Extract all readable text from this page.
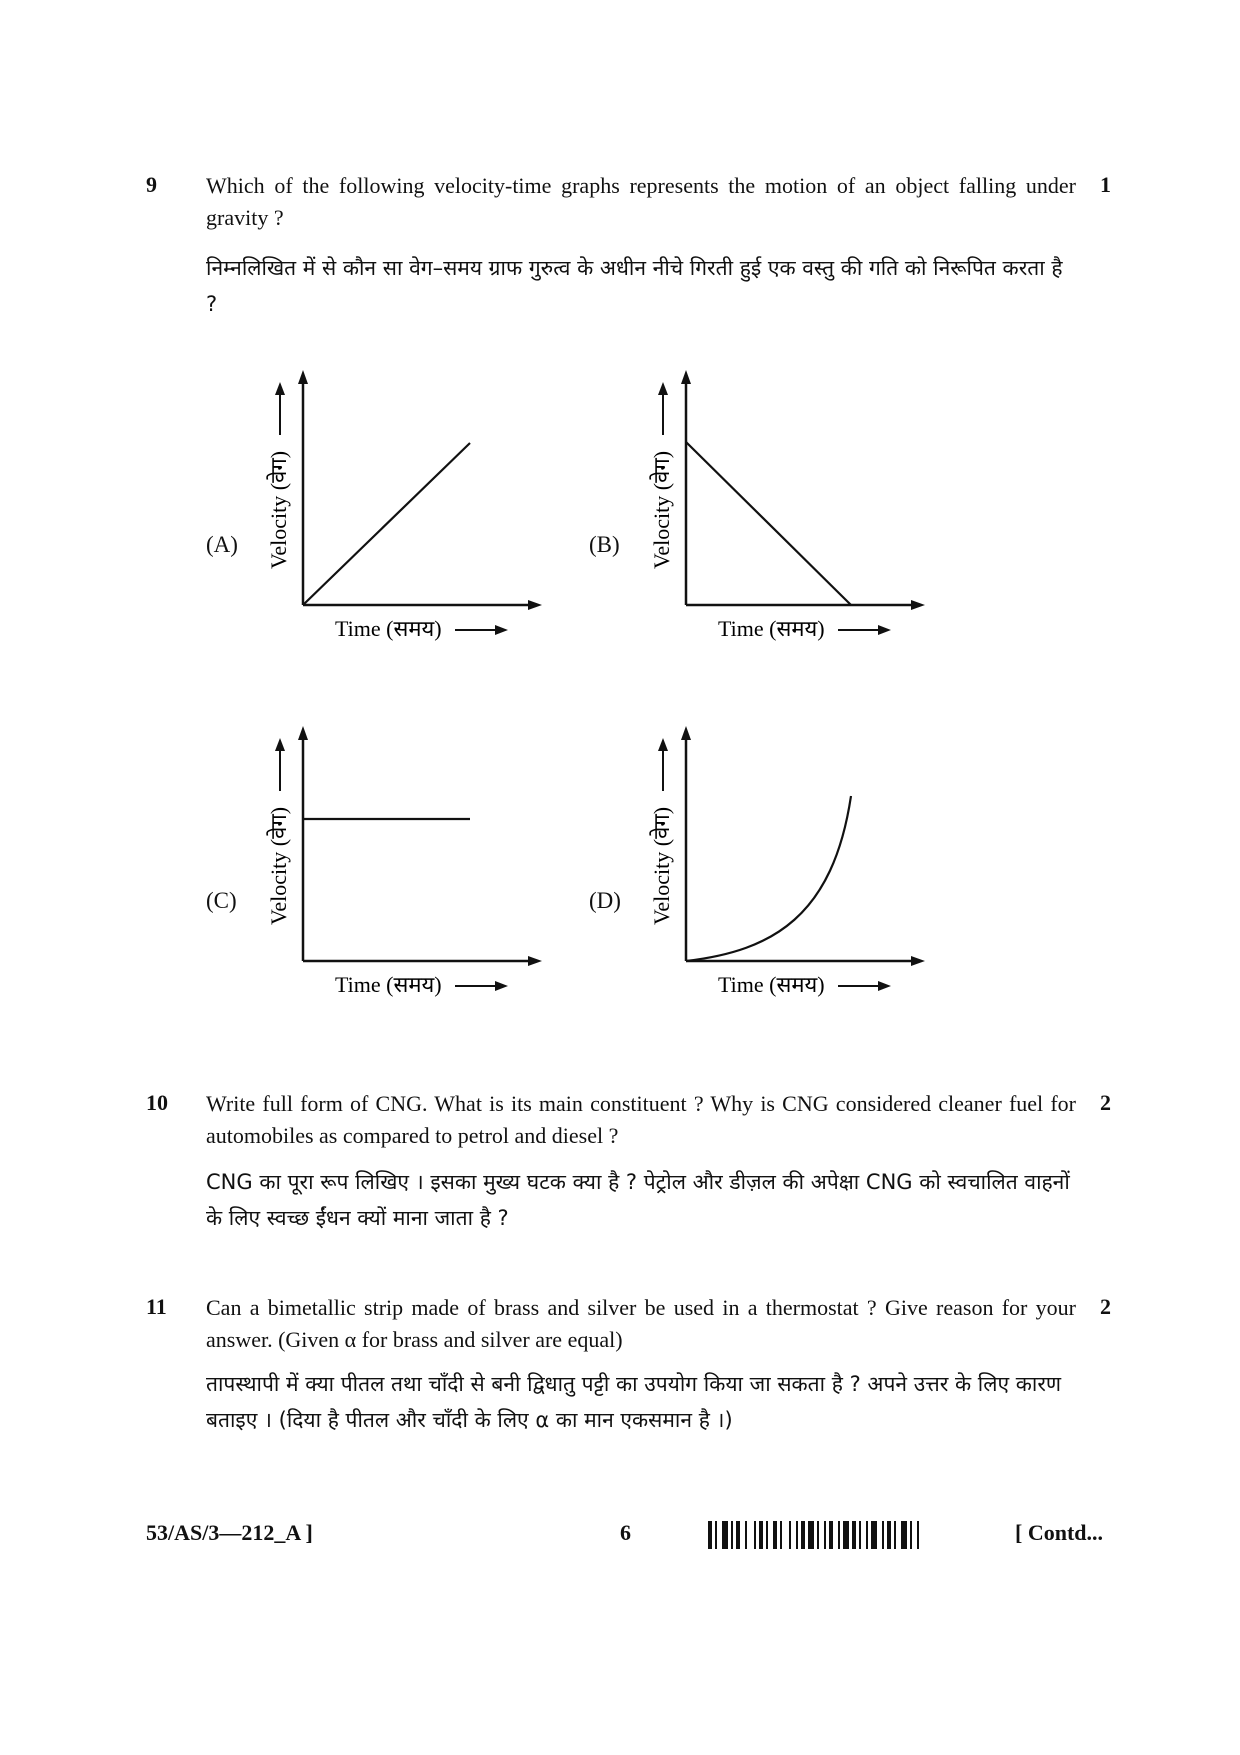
9 Which of the following velocity-time graphs represents the motion of an object falling under gravity ?
1
निम्नलिखित में से कौन सा वेग–समय ग्राफ गुरुत्व के अधीन नीचे गिरती हुई एक वस्तु की गति को निरूपित करता है ?
(A) Velocity (वेग)
Time (समय)
(B) Velocity (वेग)
Time (समय)
(C) Velocity (वेग)
Time (समय)
(D) Velocity (वेग)
Time (समय)
10 Write full form of CNG. What is its main constituent ? Why is CNG considered cleaner fuel for automobiles as compared to petrol and diesel ?
2
CNG का पूरा रूप लिखिए । इसका मुख्य घटक क्या है ? पेट्रोल और डीज़ल की अपेक्षा CNG को स्वचालित वाहनों के लिए स्वच्छ ईंधन क्यों माना जाता है ?
11 Can a bimetallic strip made of brass and silver be used in a thermostat ? Give reason for your answer. (Given α for brass and silver are equal)
2
तापस्थापी में क्या पीतल तथा चाँदी से बनी द्विधातु पट्टी का उपयोग किया जा सकता है ? अपने उत्तर के लिए कारण बताइए । (दिया है पीतल और चाँदी के लिए α का मान एकसमान है ।)
53/AS/3—212_A ]	6	[ Contd...
